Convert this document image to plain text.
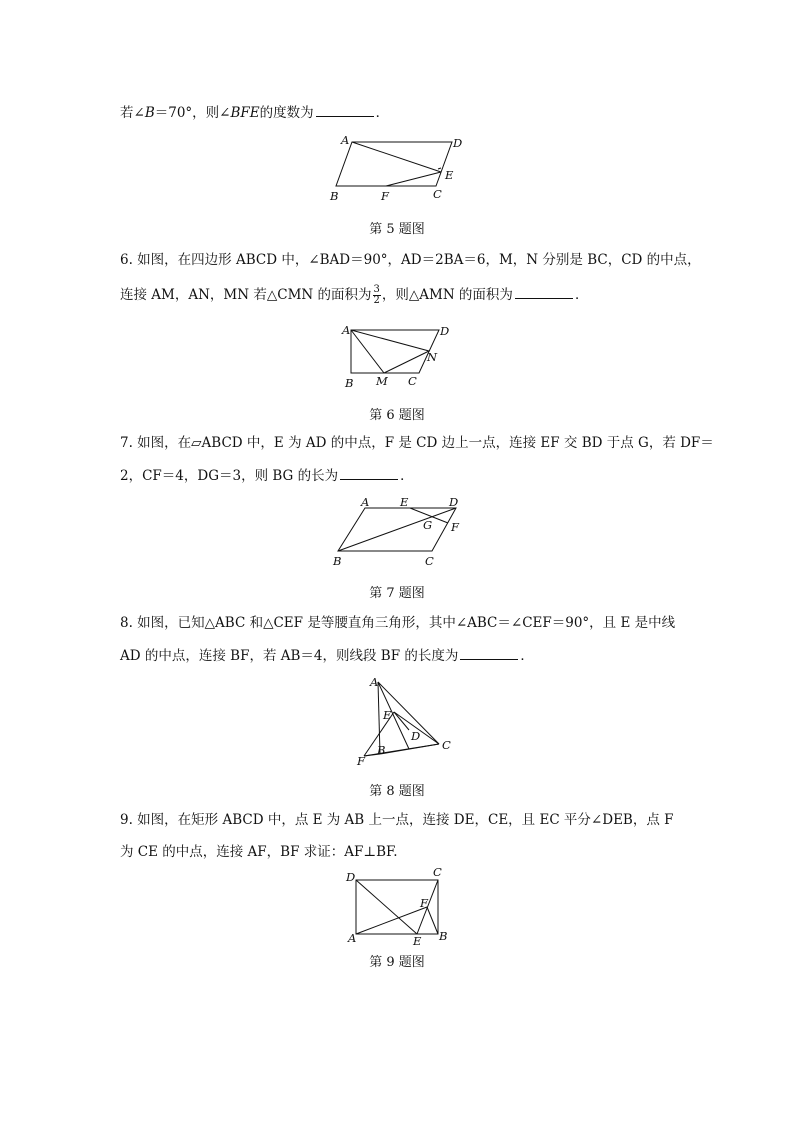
若∠B＝70°，则∠BFE的度数为	．
A	D
E
B	F	C
第 5 题图
6. 如图，在四边形 ABCD 中，∠BAD＝90°，AD＝2BA＝6，M，N 分别是 BC，CD 的中点，
连接 AM，AN，MN 若△CMN 的面积为 $\frac{3}{2}$ ，则△AMN 的面积为	．
A	D
N
B M C
第 6 题图
7. 如图，在▱ABCD 中，E 为 AD 的中点，F 是 CD 边上一点，连接 EF 交 BD 于点 G，若 DF＝
2，CF＝4，DG＝3，则 BG 的长为	．
A	E	D
G F
B	C
第 7 题图
8. 如图，已知△ABC 和△CEF 是等腰直角三角形，其中∠ABC＝∠CEF＝90°，且 E 是中线
AD 的中点，连接 BF，若 AB＝4，则线段 BF 的长度为	．
A
E
D
C
F
B
第 8 题图
9. 如图，在矩形 ABCD 中，点 E 为 AB 上一点，连接 DE，CE，且 EC 平分∠DEB，点 F
为 CE 的中点，连接 AF，BF 求证：AF⊥BF.
D	C
F
A	E B
第 9 题图
